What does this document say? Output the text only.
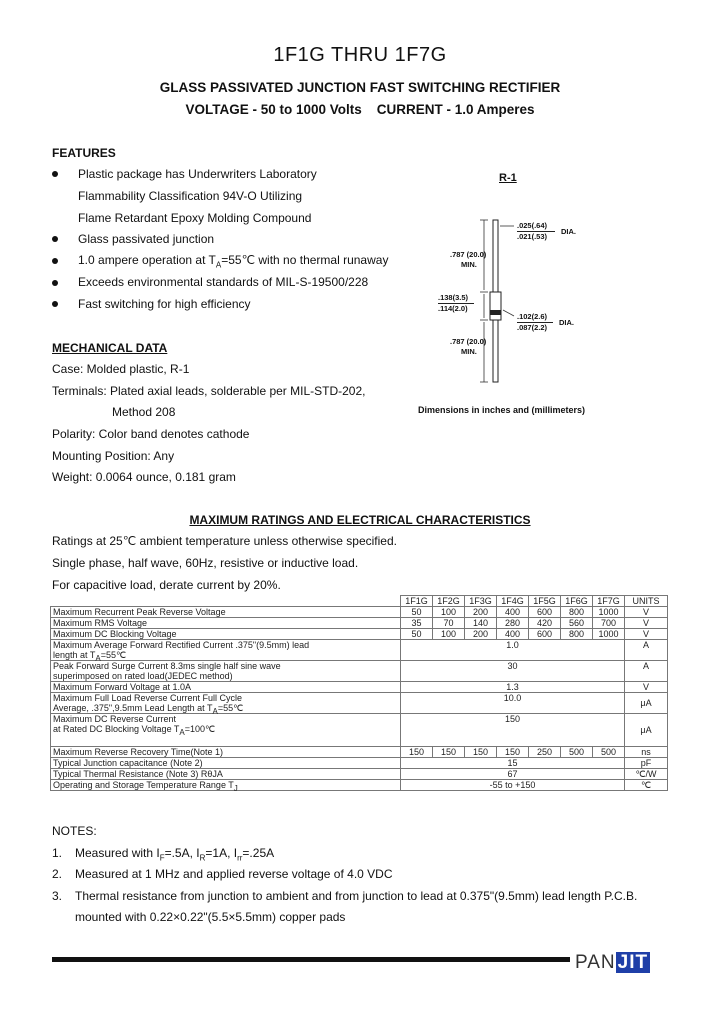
1F1G THRU 1F7G
GLASS PASSIVATED JUNCTION FAST SWITCHING RECTIFIER
VOLTAGE - 50 to 1000 Volts    CURRENT - 1.0 Amperes
FEATURES
Plastic package has Underwriters Laboratory
Flammability Classification 94V-O Utilizing
Flame Retardant Epoxy Molding Compound
Glass passivated junction
1.0 ampere operation at $T_A=55℃$ with no thermal runaway
Exceeds environmental standards of MIL-S-19500/228
Fast switching for high efficiency
R-1
.025(.64)
.021(.53)
DIA.
.787 (20.0)
MIN.
.138(3.5)
.114(2.0)
.102(2.6)
.087(2.2)
DIA.
.787 (20.0)
MIN.
Dimensions in inches and (millimeters)
MECHANICAL DATA
Case: Molded plastic, R-1
Terminals: Plated axial leads, solderable per MIL-STD-202,
Method 208
Polarity: Color band denotes cathode
Mounting Position: Any
Weight: 0.0064 ounce, 0.181 gram
MAXIMUM RATINGS AND ELECTRICAL CHARACTERISTICS
Ratings at 25℃ ambient temperature unless otherwise specified.
Single phase, half wave, 60Hz, resistive or inductive load.
For capacitive load, derate current by 20%.
	1F1G	1F2G	1F3G	1F4G	1F5G	1F6G	1F7G	UNITS
Maximum Recurrent Peak Reverse Voltage	50	100	200	400	600	800	1000	V
Maximum RMS Voltage	35	70	140	280	420	560	700	V
Maximum DC Blocking Voltage	50	100	200	400	600	800	1000	V
Maximum Average Forward Rectified Current .375"(9.5mm) lead
length at $T_A=55℃$	1.0							A
Peak Forward Surge Current 8.3ms single half sine wave
superimposed on rated load(JEDEC method)	30							A
Maximum Forward Voltage at 1.0A	1.3							V
Maximum Full Load Reverse Current Full Cycle
Average, .375",9.5mm Lead Length at $T_A=55℃$	10.0							μA
Maximum DC Reverse Current
at Rated DC Blocking Voltage $T_A=100℃$	150							μA
Maximum Reverse Recovery Time(Note 1)	150	150	150	150	250	500	500	ns
Typical Junction capacitance (Note 2)	15							pF
Typical Thermal Resistance (Note 3) RθJA	67							℃/W
Operating and Storage Temperature Range $T_J$	-55 to +150							℃
NOTES:
1. Measured with $I_F=.5A$, $I_R=1A$, $I_{rr}=.25A$
2. Measured at 1 MHz and applied reverse voltage of 4.0 VDC
3. Thermal resistance from junction to ambient and from junction to lead at 0.375"(9.5mm) lead length P.C.B.
mounted with 0.22×0.22"(5.5×5.5mm) copper pads
PAN JIT
